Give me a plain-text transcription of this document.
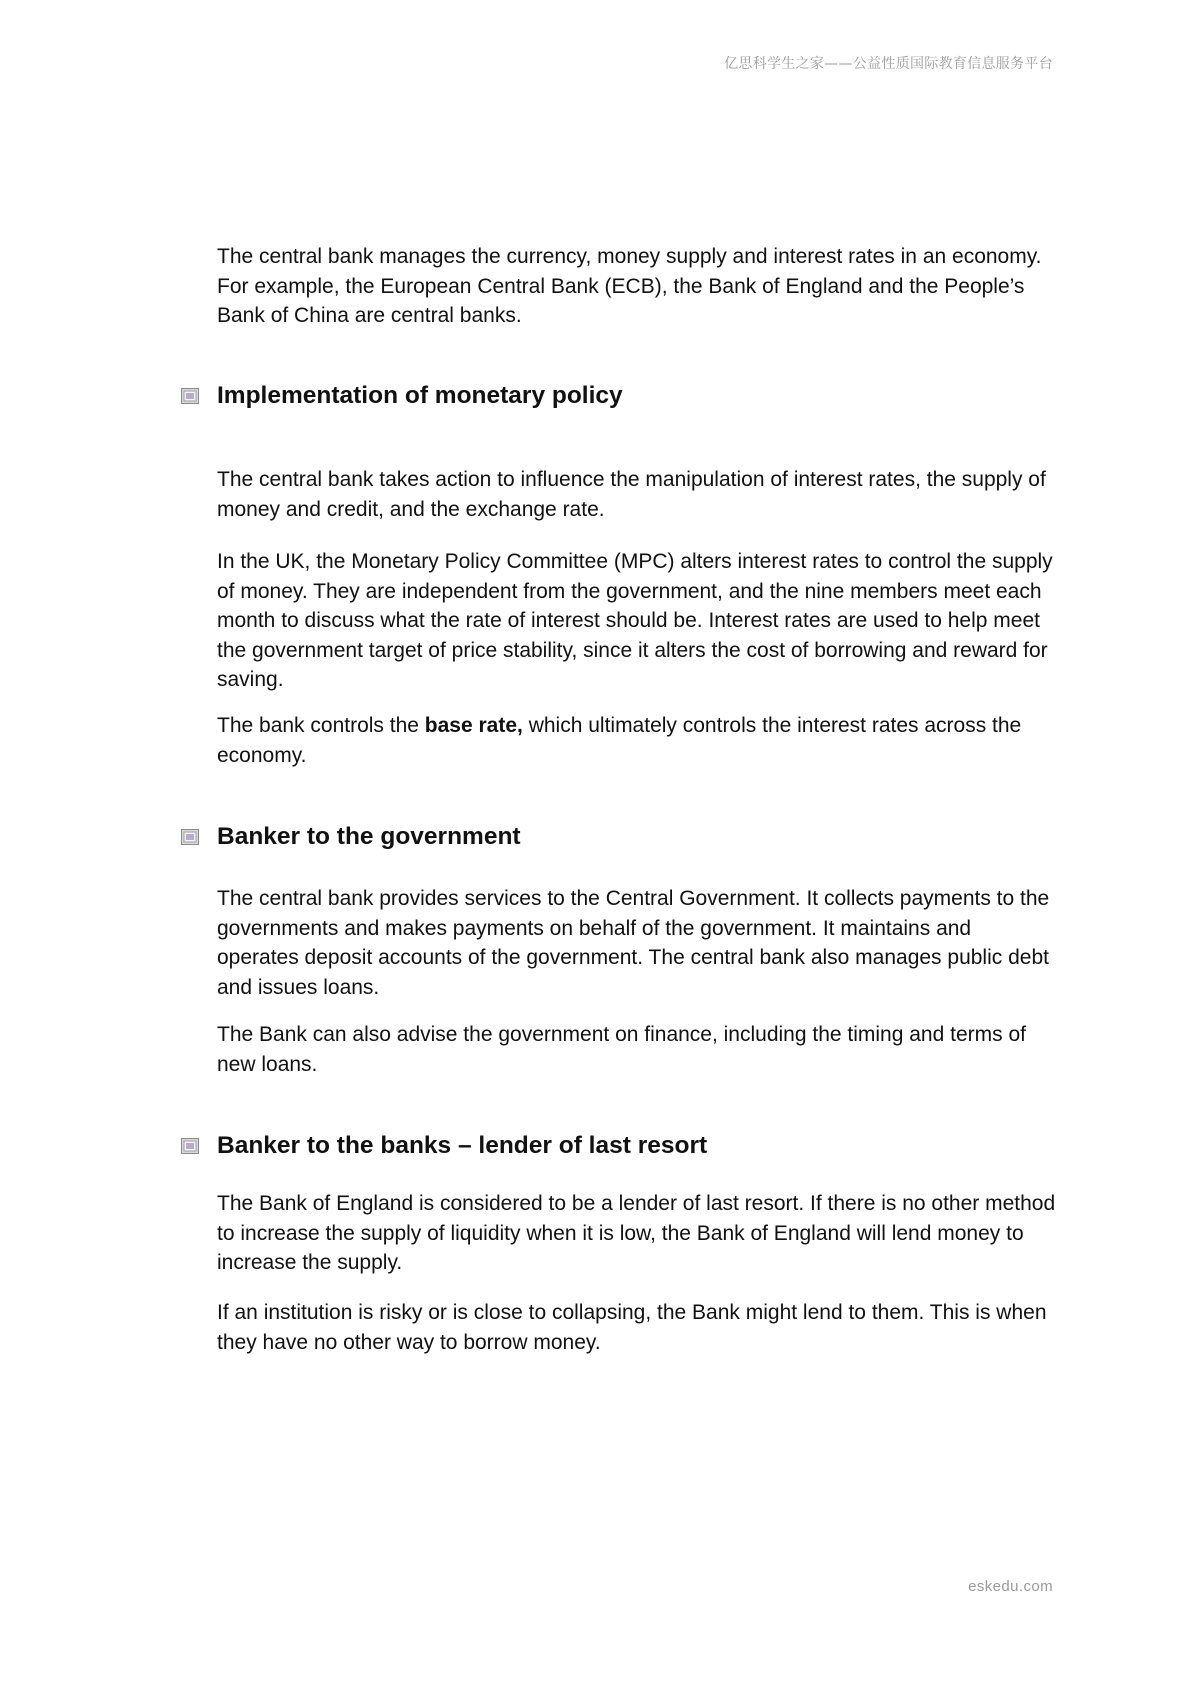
亿思科学生之家——公益性质国际教育信息服务平台

The central bank manages the currency, money supply and interest rates in an economy. For example, the European Central Bank (ECB), the Bank of England and the People’s Bank of China are central banks.

Implementation of monetary policy

The central bank takes action to influence the manipulation of interest rates, the supply of money and credit, and the exchange rate.

In the UK, the Monetary Policy Committee (MPC) alters interest rates to control the supply of money. They are independent from the government, and the nine members meet each month to discuss what the rate of interest should be. Interest rates are used to help meet the government target of price stability, since it alters the cost of borrowing and reward for saving.

The bank controls the base rate, which ultimately controls the interest rates across the economy.

Banker to the government

The central bank provides services to the Central Government. It collects payments to the governments and makes payments on behalf of the government. It maintains and operates deposit accounts of the government. The central bank also manages public debt and issues loans.

The Bank can also advise the government on finance, including the timing and terms of new loans.

Banker to the banks – lender of last resort

The Bank of England is considered to be a lender of last resort. If there is no other method to increase the supply of liquidity when it is low, the Bank of England will lend money to increase the supply.

If an institution is risky or is close to collapsing, the Bank might lend to them. This is when they have no other way to borrow money.

eskedu.com
